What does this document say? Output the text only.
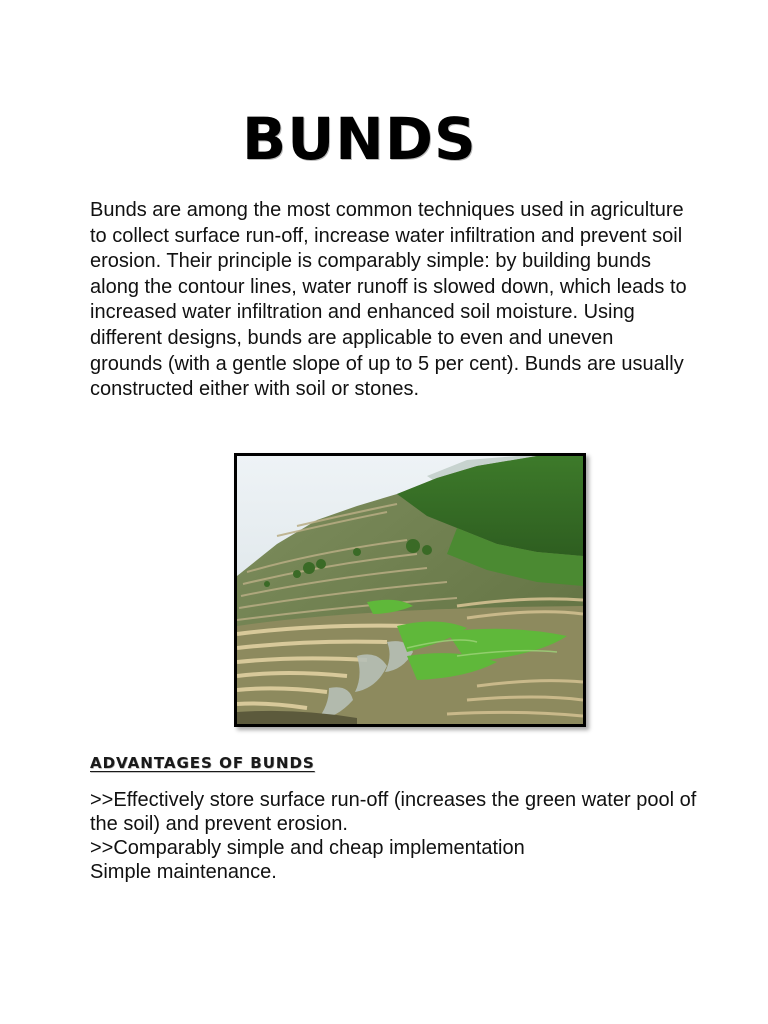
BUNDS

Bunds are among the most common techniques used in agriculture to collect surface run-off, increase water infiltration and prevent soil erosion. Their principle is comparably simple: by building bunds along the contour lines, water runoff is slowed down, which leads to increased water infiltration and enhanced soil moisture. Using different designs, bunds are applicable to even and uneven grounds (with a gentle slope of up to 5 per cent). Bunds are usually constructed either with soil or stones.

ADVANTAGES OF BUNDS
>>Effectively store surface run-off (increases the green water pool of the soil) and prevent erosion.
>>Comparably simple and cheap implementation
Simple maintenance.
